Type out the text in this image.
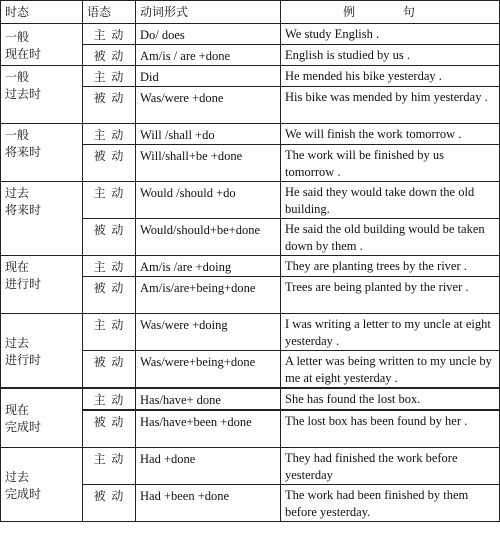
时态	语态	动词形式	例 句

一般
现在时	主 动	Do/ does	We study English .
	被 动	Am/is / are +done	English is studied by us .

一般
过去时	主 动	Did	He mended his bike yesterday .
	被 动	Was/were +done	His bike was mended by him yesterday .

一般
将来时	主 动	Will /shall +do	We will finish the work tomorrow .
	被 动	Will/shall+be +done	The work will be finished by us tomorrow .

过去
将来时	主 动	Would /should +do	He said they would take down the old building.
	被 动	Would/should+be+done	He said the old building would be taken down by them .

现在
进行时	主 动	Am/is /are +doing	They are planting trees by the river .
	被 动	Am/is/are+being+done	Trees are being planted by the river .

过去
进行时	主 动	Was/were +doing	I was writing a letter to my uncle at eight yesterday .
	被 动	Was/were+being+done	A letter was being written to my uncle by me at eight yesterday .

现在
完成时	主 动	Has/have+ done	She has found the lost box.
	被 动	Has/have+been +done	The lost box has been found by her .

过去
完成时	主 动	Had +done	They had finished the work before yesterday
	被 动	Had +been +done	The work had been finished by them before yesterday.
